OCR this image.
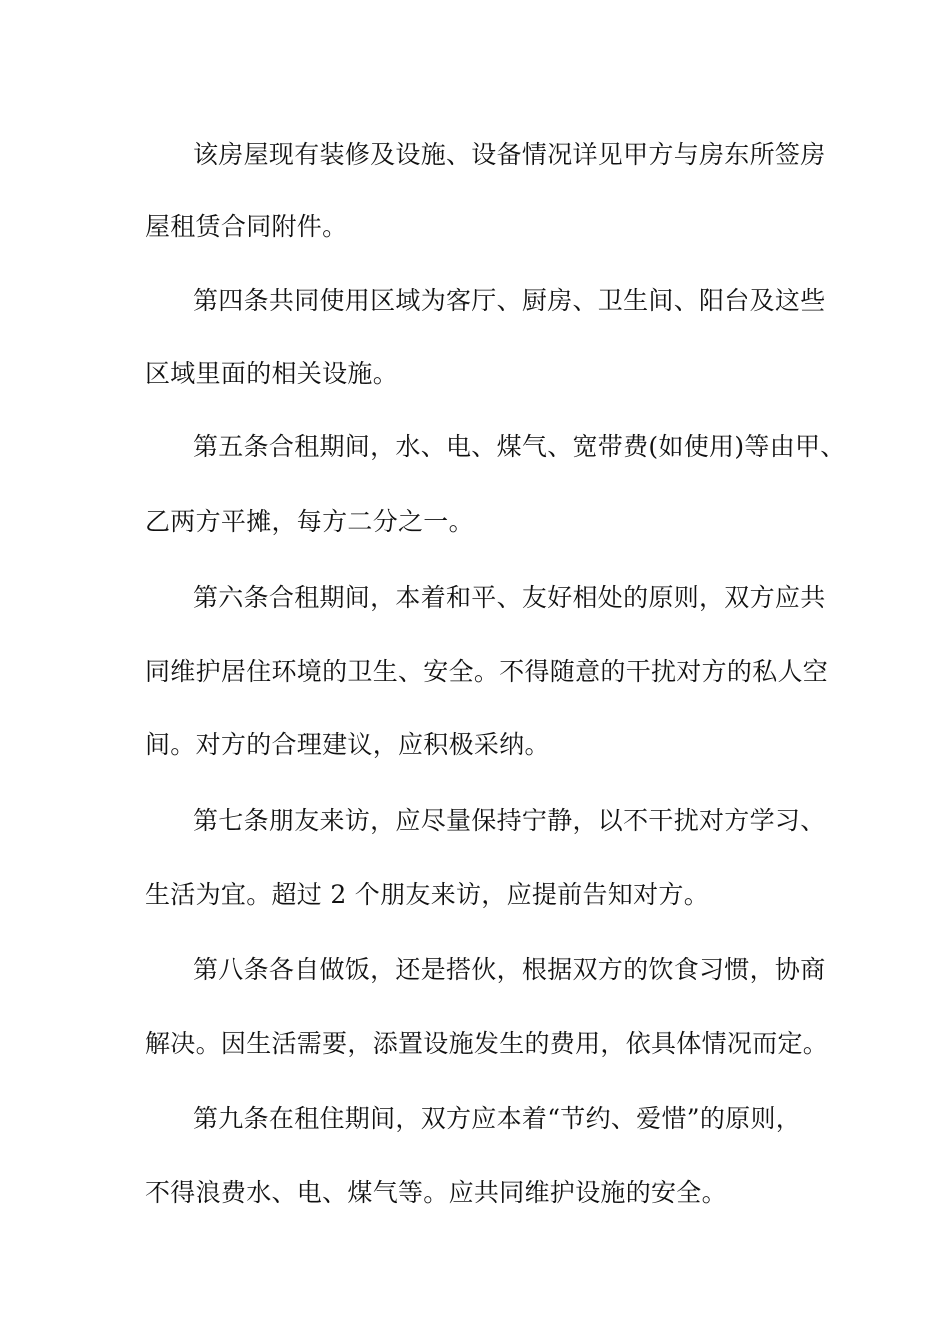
该房屋现有装修及设施、设备情况详见甲方与房东所签房
屋租赁合同附件。
第四条共同使用区域为客厅、厨房、卫生间、阳台及这些
区域里面的相关设施。
第五条合租期间，水、电、煤气、宽带费(如使用)等由甲、
乙两方平摊，每方二分之一。
第六条合租期间，本着和平、友好相处的原则，双方应共
同维护居住环境的卫生、安全。不得随意的干扰对方的私人空
间。对方的合理建议，应积极采纳。
第七条朋友来访，应尽量保持宁静，以不干扰对方学习、
生活为宜。超过 2 个朋友来访，应提前告知对方。
第八条各自做饭，还是搭伙，根据双方的饮食习惯，协商
解决。因生活需要，添置设施发生的费用，依具体情况而定。
第九条在租住期间，双方应本着“节约、爱惜”的原则，
不得浪费水、电、煤气等。应共同维护设施的安全。
